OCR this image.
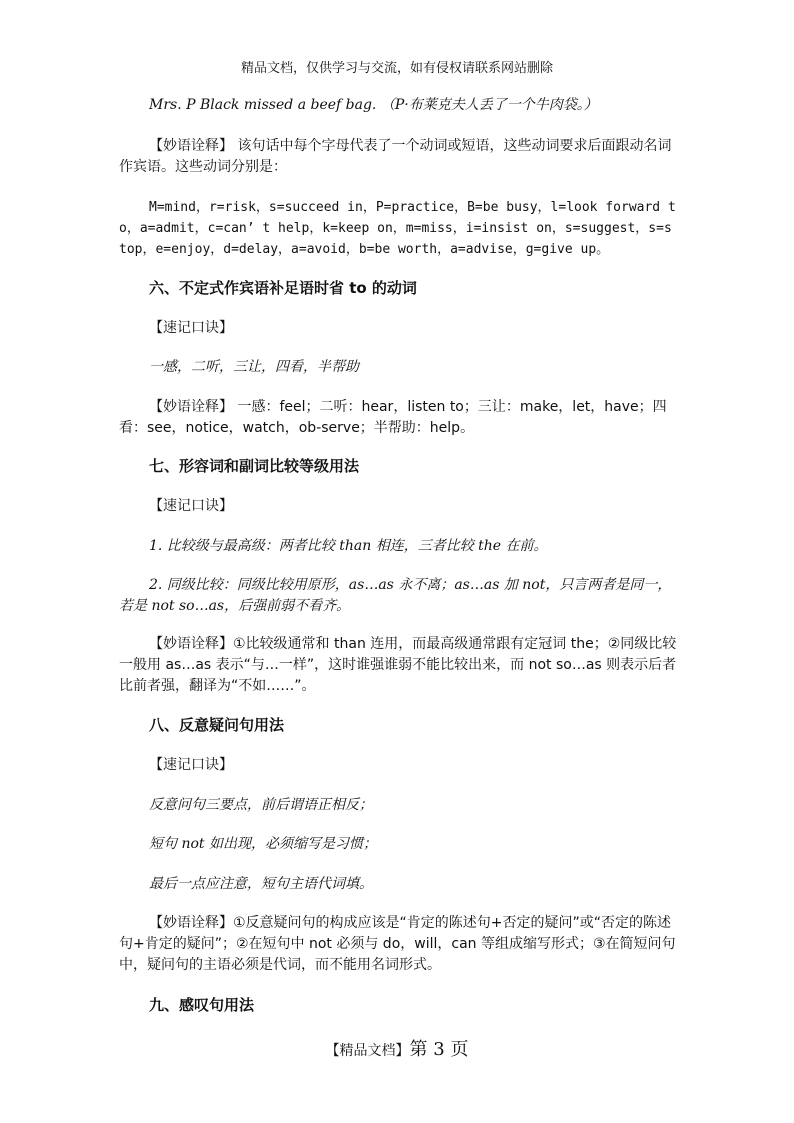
精品文档，仅供学习与交流，如有侵权请联系网站删除
Mrs. P Black missed a beef bag. （P·布莱克夫人丢了一个牛肉袋。）
【妙语诠释】 该句话中每个字母代表了一个动词或短语，这些动词要求后面跟动名词作宾语。这些动词分别是：
M=mind，r=risk，s=succeed in，P=practice，B=be busy，l=look forward to，a=admit，c=can’ t help，k=keep on，m=miss，i=insist on，s=suggest，s=stop，e=enjoy，d=delay，a=avoid，b=be worth，a=advise，g=give up。
六、不定式作宾语补足语时省 to 的动词
【速记口诀】
一感，二听，三让，四看，半帮助
【妙语诠释】 一感：feel；二听：hear，listen to；三让：make，let，have；四看：see，notice，watch，ob-serve；半帮助：help。
七、形容词和副词比较等级用法
【速记口诀】
1. 比较级与最高级：两者比较 than 相连，三者比较 the 在前。
2. 同级比较：同级比较用原形，as…as 永不离；as…as 加 not，只言两者是同一，若是 not so…as，后强前弱不看齐。
【妙语诠释】①比较级通常和 than 连用，而最高级通常跟有定冠词 the；②同级比较一般用 as…as 表示“与…一样”，这时谁强谁弱不能比较出来，而 not so…as 则表示后者比前者强，翻译为“不如……”。
八、反意疑问句用法
【速记口诀】
反意问句三要点，前后谓语正相反；
短句 not 如出现，必须缩写是习惯；
最后一点应注意，短句主语代词填。
【妙语诠释】①反意疑问句的构成应该是“肯定的陈述句+否定的疑问”或“否定的陈述句+肯定的疑问”；②在短句中 not 必须与 do，will，can 等组成缩写形式；③在简短问句中，疑问句的主语必须是代词，而不能用名词形式。
九、感叹句用法
【精品文档】第 3 页
